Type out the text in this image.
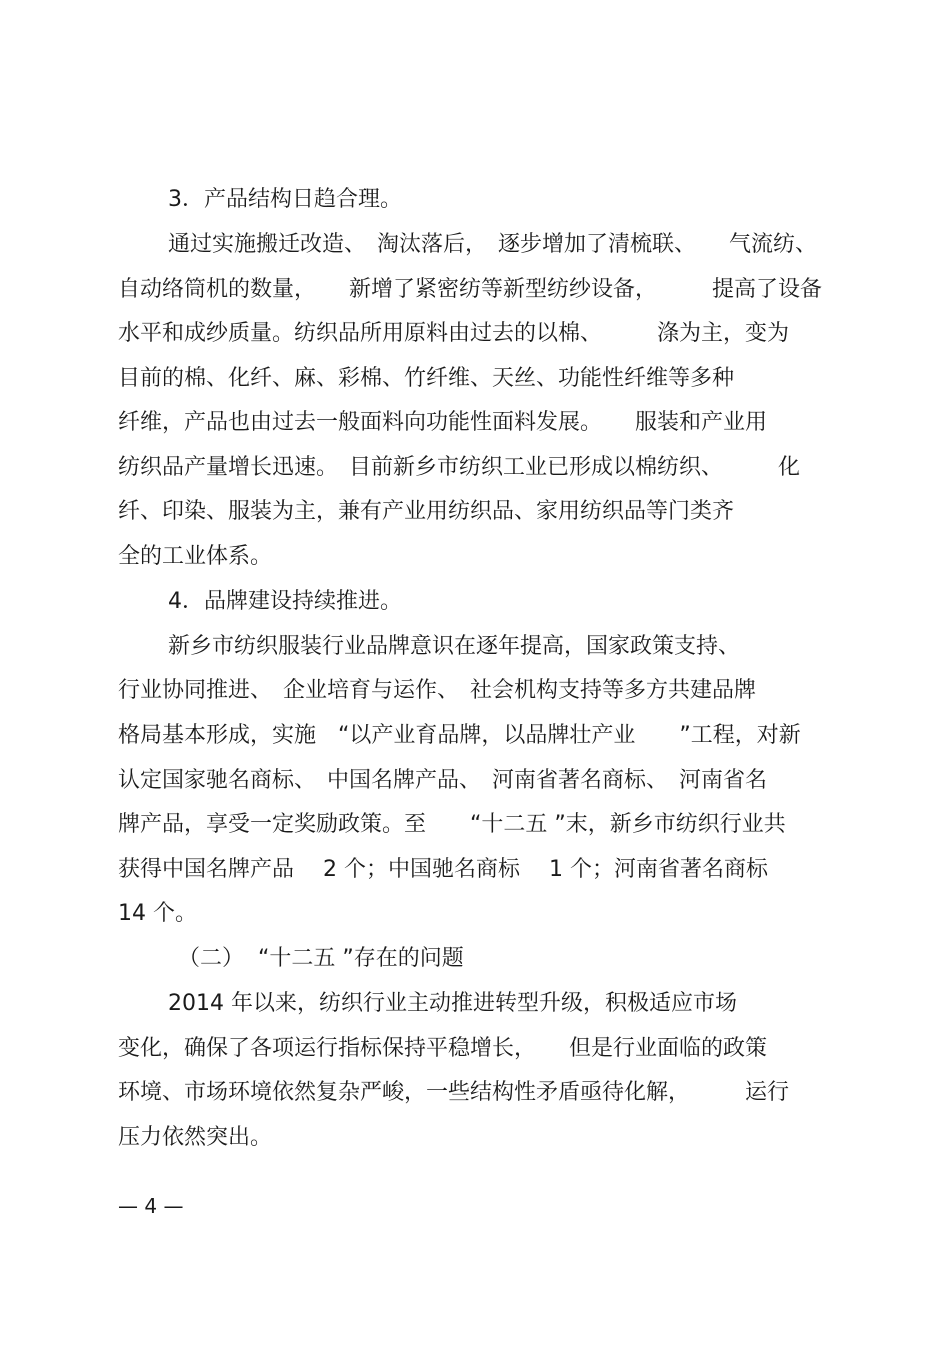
3．产品结构日趋合理。

通过实施搬迁改造、　淘汰落后，　逐步增加了清梳联、　　气流纺、

自动络筒机的数量，　　新增了紧密纺等新型纺纱设备，　　　提高了设备

水平和成纱质量。纺织品所用原料由过去的以棉、　　　涤为主，变为

目前的棉、化纤、麻、彩棉、竹纤维、天丝、功能性纤维等多种

纤维，产品也由过去一般面料向功能性面料发展。　　服装和产业用

纺织品产量增长迅速。　目前新乡市纺织工业已形成以棉纺织、　　　化

纤、印染、服装为主，兼有产业用纺织品、家用纺织品等门类齐

全的工业体系。

4．品牌建设持续推进。

新乡市纺织服装行业品牌意识在逐年提高，国家政策支持、

行业协同推进、　企业培育与运作、　社会机构支持等多方共建品牌

格局基本形成，实施　“以产业育品牌，以品牌壮产业　　”工程，对新

认定国家驰名商标、　中国名牌产品、　河南省著名商标、　河南省名

牌产品，享受一定奖励政策。至　　“十二五 ”末，新乡市纺织行业共

获得中国名牌产品　 2 个；中国驰名商标　 1 个；河南省著名商标

14 个。

（二）  “十二五 ”存在的问题

2014 年以来，纺织行业主动推进转型升级，积极适应市场

变化，确保了各项运行指标保持平稳增长，　　但是行业面临的政策

环境、市场环境依然复杂严峻，一些结构性矛盾亟待化解，　　　运行

压力依然突出。

— 4 —
